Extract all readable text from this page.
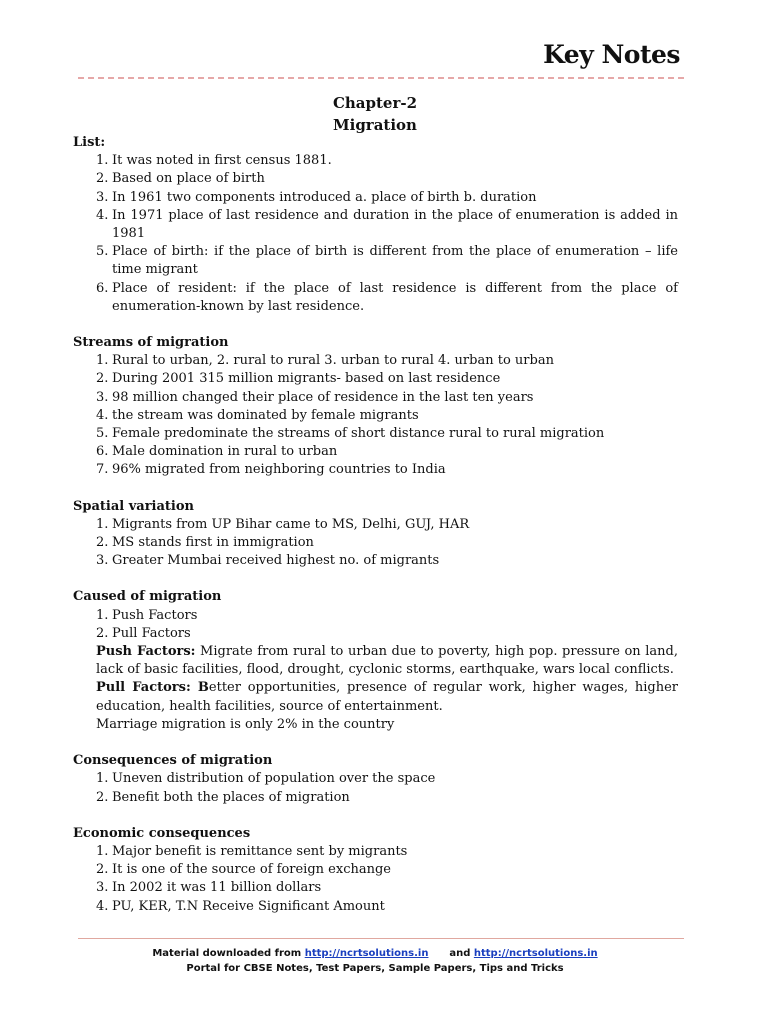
Key Notes
Chapter-2
Migration
List:
1. It was noted in first census 1881.
2. Based on place of birth
3. In 1961 two components introduced a. place of birth b. duration
4. In 1971 place of last residence and duration in the place of enumeration is added in 1981
5. Place of birth: if the place of birth is different from the place of enumeration – life time migrant
6. Place of resident: if the place of last residence is different from the place of enumeration-known by last residence.
Streams of migration
1. Rural to urban, 2. rural to rural 3. urban to rural 4. urban to urban
2. During 2001 315 million migrants- based on last residence
3. 98 million changed their place of residence in the last ten years
4. the stream was dominated by female migrants
5. Female predominate the streams of short distance rural to rural migration
6. Male domination in rural to urban
7. 96% migrated from neighboring countries to India
Spatial variation
1. Migrants from UP Bihar came to MS, Delhi, GUJ, HAR
2. MS stands first in immigration
3. Greater Mumbai received highest no. of migrants
Caused of migration
1. Push Factors
2. Pull Factors
Push Factors: Migrate from rural to urban due to poverty, high pop. pressure on land, lack of basic facilities, flood, drought, cyclonic storms, earthquake, wars local conflicts.
Pull Factors: Better opportunities, presence of regular work, higher wages, higher education, health facilities, source of entertainment.
Marriage migration is only 2% in the country
Consequences of migration
1. Uneven distribution of population over the space
2. Benefit both the places of migration
Economic consequences
1. Major benefit is remittance sent by migrants
2. It is one of the source of foreign exchange
3. In 2002 it was 11 billion dollars
4. PU, KER, T.N Receive Significant Amount
Material downloaded from http://ncrtsolutions.in and http://ncrtsolutions.in
Portal for CBSE Notes, Test Papers, Sample Papers, Tips and Tricks
